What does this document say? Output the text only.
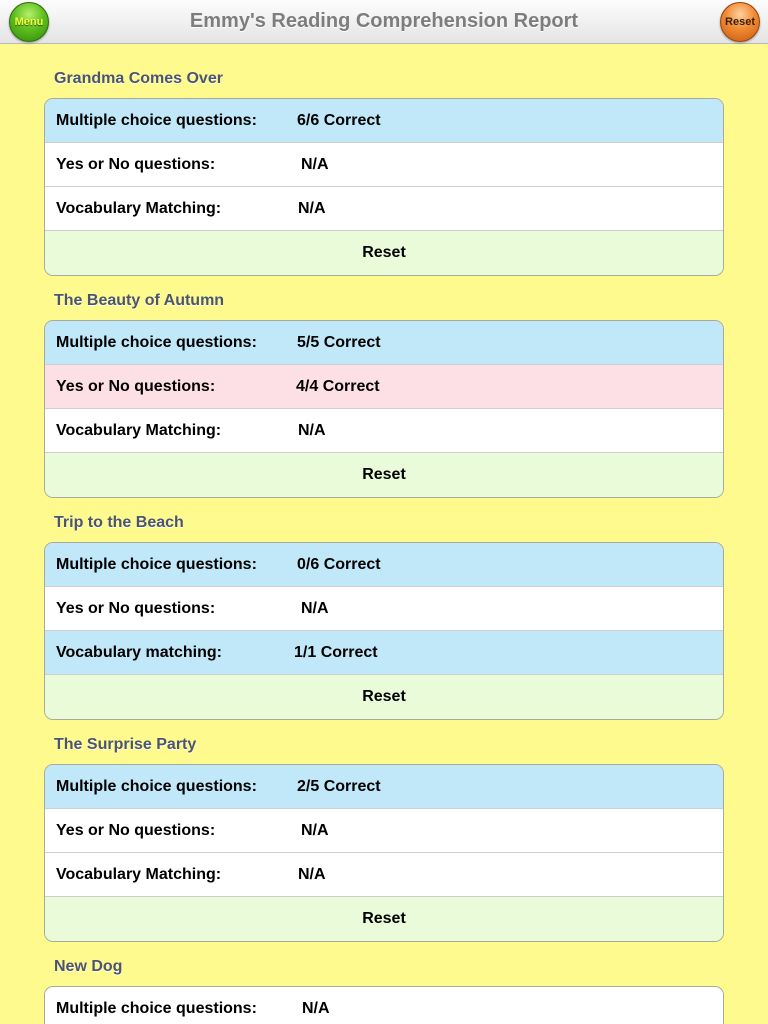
Emmy's Reading Comprehension Report
Menu	Reset
Grandma Comes Over
Multiple choice questions:	6/6 Correct
Yes or No questions:	N/A
Vocabulary Matching:	N/A
Reset
The Beauty of Autumn
Multiple choice questions:	5/5 Correct
Yes or No questions:	4/4 Correct
Vocabulary Matching:	N/A
Reset
Trip to the Beach
Multiple choice questions:	0/6 Correct
Yes or No questions:	N/A
Vocabulary matching:	1/1 Correct
Reset
The Surprise Party
Multiple choice questions:	2/5 Correct
Yes or No questions:	N/A
Vocabulary Matching:	N/A
Reset
New Dog
Multiple choice questions:	N/A
